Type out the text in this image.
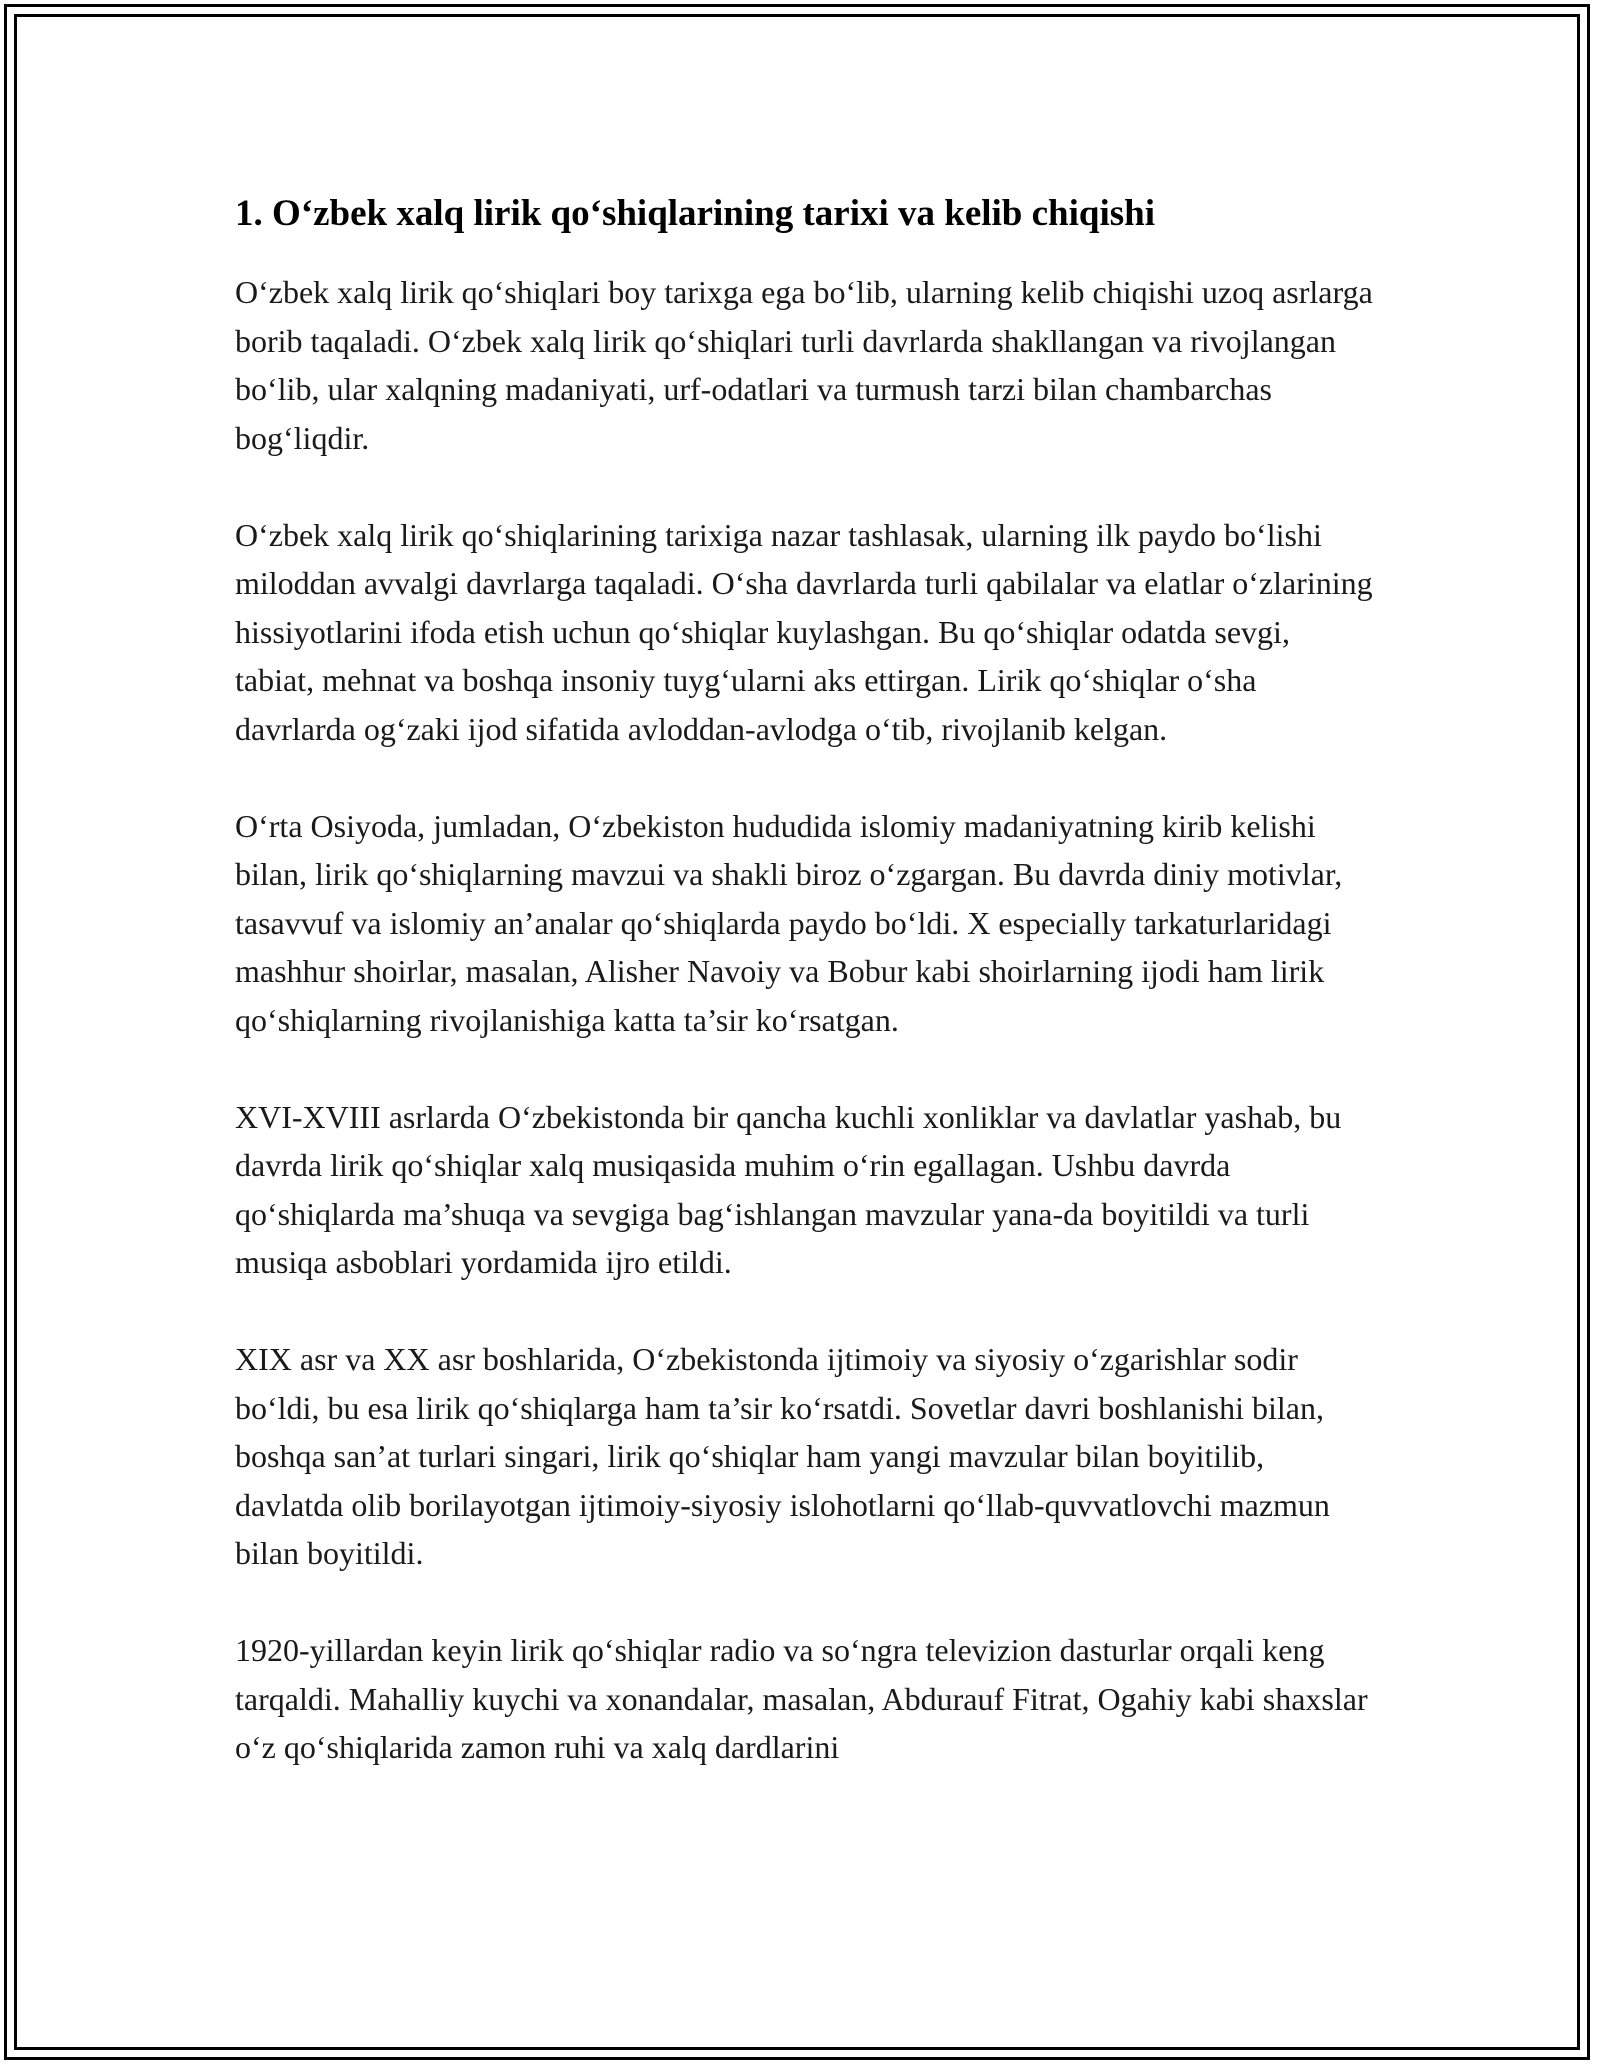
1. O‘zbek xalq lirik qo‘shiqlarining tarixi va kelib chiqishi

O‘zbek xalq lirik qo‘shiqlari boy tarixga ega bo‘lib, ularning kelib chiqishi uzoq asrlarga borib taqaladi. O‘zbek xalq lirik qo‘shiqlari turli davrlarda shakllangan va rivojlangan bo‘lib, ular xalqning madaniyati, urf-odatlari va turmush tarzi bilan chambarchas bog‘liqdir.

O‘zbek xalq lirik qo‘shiqlarining tarixiga nazar tashlasak, ularning ilk paydo bo‘lishi miloddan avvalgi davrlarga taqaladi. O‘sha davrlarda turli qabilalar va elatlar o‘zlarining hissiyotlarini ifoda etish uchun qo‘shiqlar kuylashgan. Bu qo‘shiqlar odatda sevgi, tabiat, mehnat va boshqa insoniy tuyg‘ularni aks ettirgan. Lirik qo‘shiqlar o‘sha davrlarda og‘zaki ijod sifatida avloddan-avlodga o‘tib, rivojlanib kelgan.

O‘rta Osiyoda, jumladan, O‘zbekiston hududida islomiy madaniyatning kirib kelishi bilan, lirik qo‘shiqlarning mavzui va shakli biroz o‘zgargan. Bu davrda diniy motivlar, tasavvuf va islomiy an’analar qo‘shiqlarda paydo bo‘ldi. X especially tarkaturlaridagi mashhur shoirlar, masalan, Alisher Navoiy va Bobur kabi shoirlarning ijodi ham lirik qo‘shiqlarning rivojlanishiga katta ta’sir ko‘rsatgan.

XVI-XVIII asrlarda O‘zbekistonda bir qancha kuchli xonliklar va davlatlar yashab, bu davrda lirik qo‘shiqlar xalq musiqasida muhim o‘rin egallagan. Ushbu davrda qo‘shiqlarda ma’shuqa va sevgiga bag‘ishlangan mavzular yana-da boyitildi va turli musiqa asboblari yordamida ijro etildi.

XIX asr va XX asr boshlarida, O‘zbekistonda ijtimoiy va siyosiy o‘zgarishlar sodir bo‘ldi, bu esa lirik qo‘shiqlarga ham ta’sir ko‘rsatdi. Sovetlar davri boshlanishi bilan, boshqa san’at turlari singari, lirik qo‘shiqlar ham yangi mavzular bilan boyitilib, davlatda olib borilayotgan ijtimoiy-siyosiy islohotlarni qo‘llab-quvvatlovchi mazmun bilan boyitildi.

1920-yillardan keyin lirik qo‘shiqlar radio va so‘ngra televizion dasturlar orqali keng tarqaldi. Mahalliy kuychi va xonandalar, masalan, Abdurauf Fitrat, Ogahiy kabi shaxslar o‘z qo‘shiqlarida zamon ruhi va xalq dardlarini
